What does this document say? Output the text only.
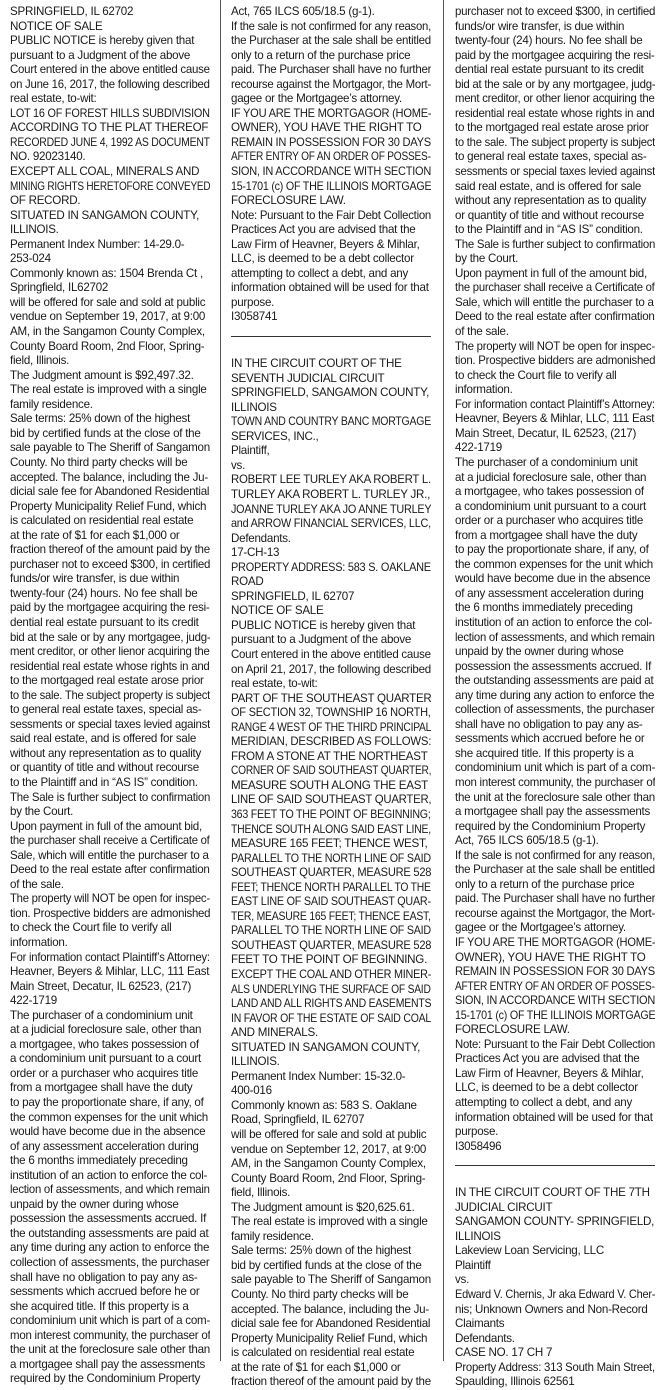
SPRINGFIELD, IL 62702
NOTICE OF SALE
PUBLIC NOTICE is hereby given that
pursuant to a Judgment of the above
Court entered in the above entitled cause
on June 16, 2017, the following described
real estate, to-wit:
LOT 16 OF FOREST HILLS SUBDIVISION
ACCORDING TO THE PLAT THEREOF
RECORDED JUNE 4, 1992 AS DOCUMENT
NO. 92023140.
EXCEPT ALL COAL, MINERALS AND
MINING RIGHTS HERETOFORE CONVEYED
OF RECORD.
SITUATED IN SANGAMON COUNTY,
ILLINOIS.
Permanent Index Number: 14-29.0-
253-024
Commonly known as: 1504 Brenda Ct ,
Springfield, IL62702
will be offered for sale and sold at public
vendue on September 19, 2017, at 9:00
AM, in the Sangamon County Complex,
County Board Room, 2nd Floor, Spring-
field, Illinois.
The Judgment amount is $92,497.32.
The real estate is improved with a single
family residence.
Sale terms: 25% down of the highest
bid by certified funds at the close of the
sale payable to The Sheriff of Sangamon
County. No third party checks will be
accepted. The balance, including the Ju-
dicial sale fee for Abandoned Residential
Property Municipality Relief Fund, which
is calculated on residential real estate
at the rate of $1 for each $1,000 or
fraction thereof of the amount paid by the
purchaser not to exceed $300, in certified
funds/or wire transfer, is due within
twenty-four (24) hours. No fee shall be
paid by the mortgagee acquiring the resi-
dential real estate pursuant to its credit
bid at the sale or by any mortgagee, judg-
ment creditor, or other lienor acquiring the
residential real estate whose rights in and
to the mortgaged real estate arose prior
to the sale. The subject property is subject
to general real estate taxes, special as-
sessments or special taxes levied against
said real estate, and is offered for sale
without any representation as to quality
or quantity of title and without recourse
to the Plaintiff and in “AS IS” condition.
The Sale is further subject to confirmation
by the Court.
Upon payment in full of the amount bid,
the purchaser shall receive a Certificate of
Sale, which will entitle the purchaser to a
Deed to the real estate after confirmation
of the sale.
The property will NOT be open for inspec-
tion. Prospective bidders are admonished
to check the Court file to verify all
information.
For information contact Plaintiff’s Attorney:
Heavner, Beyers & Mihlar, LLC, 111 East
Main Street, Decatur, IL 62523, (217)
422-1719
The purchaser of a condominium unit
at a judicial foreclosure sale, other than
a mortgagee, who takes possession of
a condominium unit pursuant to a court
order or a purchaser who acquires title
from a mortgagee shall have the duty
to pay the proportionate share, if any, of
the common expenses for the unit which
would have become due in the absence
of any assessment acceleration during
the 6 months immediately preceding
institution of an action to enforce the col-
lection of assessments, and which remain
unpaid by the owner during whose
possession the assessments accrued. If
the outstanding assessments are paid at
any time during any action to enforce the
collection of assessments, the purchaser
shall have no obligation to pay any as-
sessments which accrued before he or
she acquired title. If this property is a
condominium unit which is part of a com-
mon interest community, the purchaser of
the unit at the foreclosure sale other than
a mortgagee shall pay the assessments
required by the Condominium Property
Act, 765 ILCS 605/18.5 (g-1).
If the sale is not confirmed for any reason,
the Purchaser at the sale shall be entitled
only to a return of the purchase price
paid. The Purchaser shall have no further
recourse against the Mortgagor, the Mort-
gagee or the Mortgagee’s attorney.
IF YOU ARE THE MORTGAGOR (HOME-
OWNER), YOU HAVE THE RIGHT TO
REMAIN IN POSSESSION FOR 30 DAYS
AFTER ENTRY OF AN ORDER OF POSSES-
SION, IN ACCORDANCE WITH SECTION
15-1701 (c) OF THE ILLINOIS MORTGAGE
FORECLOSURE LAW.
Note: Pursuant to the Fair Debt Collection
Practices Act you are advised that the
Law Firm of Heavner, Beyers & Mihlar,
LLC, is deemed to be a debt collector
attempting to collect a debt, and any
information obtained will be used for that
purpose.
I3058741
IN THE CIRCUIT COURT OF THE
SEVENTH JUDICIAL CIRCUIT
SPRINGFIELD, SANGAMON COUNTY,
ILLINOIS
TOWN AND COUNTRY BANC MORTGAGE
SERVICES, INC.,
Plaintiff,
vs.
ROBERT LEE TURLEY AKA ROBERT L.
TURLEY AKA ROBERT L. TURLEY JR.,
JOANNE TURLEY AKA JO ANNE TURLEY
and ARROW FINANCIAL SERVICES, LLC,
Defendants.
17-CH-13
PROPERTY ADDRESS: 583 S. OAKLANE
ROAD
SPRINGFIELD, IL 62707
NOTICE OF SALE
PUBLIC NOTICE is hereby given that
pursuant to a Judgment of the above
Court entered in the above entitled cause
on April 21, 2017, the following described
real estate, to-wit:
PART OF THE SOUTHEAST QUARTER
OF SECTION 32, TOWNSHIP 16 NORTH,
RANGE 4 WEST OF THE THIRD PRINCIPAL
MERIDIAN, DESCRIBED AS FOLLOWS:
FROM A STONE AT THE NORTHEAST
CORNER OF SAID SOUTHEAST QUARTER,
MEASURE SOUTH ALONG THE EAST
LINE OF SAID SOUTHEAST QUARTER,
363 FEET TO THE POINT OF BEGINNING;
THENCE SOUTH ALONG SAID EAST LINE,
MEASURE 165 FEET; THENCE WEST,
PARALLEL TO THE NORTH LINE OF SAID
SOUTHEAST QUARTER, MEASURE 528
FEET; THENCE NORTH PARALLEL TO THE
EAST LINE OF SAID SOUTHEAST QUAR-
TER, MEASURE 165 FEET; THENCE EAST,
PARALLEL TO THE NORTH LINE OF SAID
SOUTHEAST QUARTER, MEASURE 528
FEET TO THE POINT OF BEGINNING.
EXCEPT THE COAL AND OTHER MINER-
ALS UNDERLYING THE SURFACE OF SAID
LAND AND ALL RIGHTS AND EASEMENTS
IN FAVOR OF THE ESTATE OF SAID COAL
AND MINERALS.
SITUATED IN SANGAMON COUNTY,
ILLINOIS.
Permanent Index Number: 15-32.0-
400-016
Commonly known as: 583 S. Oaklane
Road, Springfield, IL 62707
will be offered for sale and sold at public
vendue on September 12, 2017, at 9:00
AM, in the Sangamon County Complex,
County Board Room, 2nd Floor, Spring-
field, Illinois.
The Judgment amount is $20,625.61.
The real estate is improved with a single
family residence.
Sale terms: 25% down of the highest
bid by certified funds at the close of the
sale payable to The Sheriff of Sangamon
County. No third party checks will be
accepted. The balance, including the Ju-
dicial sale fee for Abandoned Residential
Property Municipality Relief Fund, which
is calculated on residential real estate
at the rate of $1 for each $1,000 or
fraction thereof of the amount paid by the
purchaser not to exceed $300, in certified
funds/or wire transfer, is due within
twenty-four (24) hours. No fee shall be
paid by the mortgagee acquiring the resi-
dential real estate pursuant to its credit
bid at the sale or by any mortgagee, judg-
ment creditor, or other lienor acquiring the
residential real estate whose rights in and
to the mortgaged real estate arose prior
to the sale. The subject property is subject
to general real estate taxes, special as-
sessments or special taxes levied against
said real estate, and is offered for sale
without any representation as to quality
or quantity of title and without recourse
to the Plaintiff and in “AS IS” condition.
The Sale is further subject to confirmation
by the Court.
Upon payment in full of the amount bid,
the purchaser shall receive a Certificate of
Sale, which will entitle the purchaser to a
Deed to the real estate after confirmation
of the sale.
The property will NOT be open for inspec-
tion. Prospective bidders are admonished
to check the Court file to verify all
information.
For information contact Plaintiff’s Attorney:
Heavner, Beyers & Mihlar, LLC, 111 East
Main Street, Decatur, IL 62523, (217)
422-1719
The purchaser of a condominium unit
at a judicial foreclosure sale, other than
a mortgagee, who takes possession of
a condominium unit pursuant to a court
order or a purchaser who acquires title
from a mortgagee shall have the duty
to pay the proportionate share, if any, of
the common expenses for the unit which
would have become due in the absence
of any assessment acceleration during
the 6 months immediately preceding
institution of an action to enforce the col-
lection of assessments, and which remain
unpaid by the owner during whose
possession the assessments accrued. If
the outstanding assessments are paid at
any time during any action to enforce the
collection of assessments, the purchaser
shall have no obligation to pay any as-
sessments which accrued before he or
she acquired title. If this property is a
condominium unit which is part of a com-
mon interest community, the purchaser of
the unit at the foreclosure sale other than
a mortgagee shall pay the assessments
required by the Condominium Property
Act, 765 ILCS 605/18.5 (g-1).
If the sale is not confirmed for any reason,
the Purchaser at the sale shall be entitled
only to a return of the purchase price
paid. The Purchaser shall have no further
recourse against the Mortgagor, the Mort-
gagee or the Mortgagee’s attorney.
IF YOU ARE THE MORTGAGOR (HOME-
OWNER), YOU HAVE THE RIGHT TO
REMAIN IN POSSESSION FOR 30 DAYS
AFTER ENTRY OF AN ORDER OF POSSES-
SION, IN ACCORDANCE WITH SECTION
15-1701 (c) OF THE ILLINOIS MORTGAGE
FORECLOSURE LAW.
Note: Pursuant to the Fair Debt Collection
Practices Act you are advised that the
Law Firm of Heavner, Beyers & Mihlar,
LLC, is deemed to be a debt collector
attempting to collect a debt, and any
information obtained will be used for that
purpose.
I3058496
IN THE CIRCUIT COURT OF THE 7TH
JUDICIAL CIRCUIT
SANGAMON COUNTY- SPRINGFIELD,
ILLINOIS
Lakeview Loan Servicing, LLC
Plaintiff
vs.
Edward V. Chernis, Jr aka Edward V. Cher-
nis; Unknown Owners and Non-Record
Claimants
Defendants.
CASE NO. 17 CH 7
Property Address: 313 South Main Street,
Spaulding, Illinois 62561
